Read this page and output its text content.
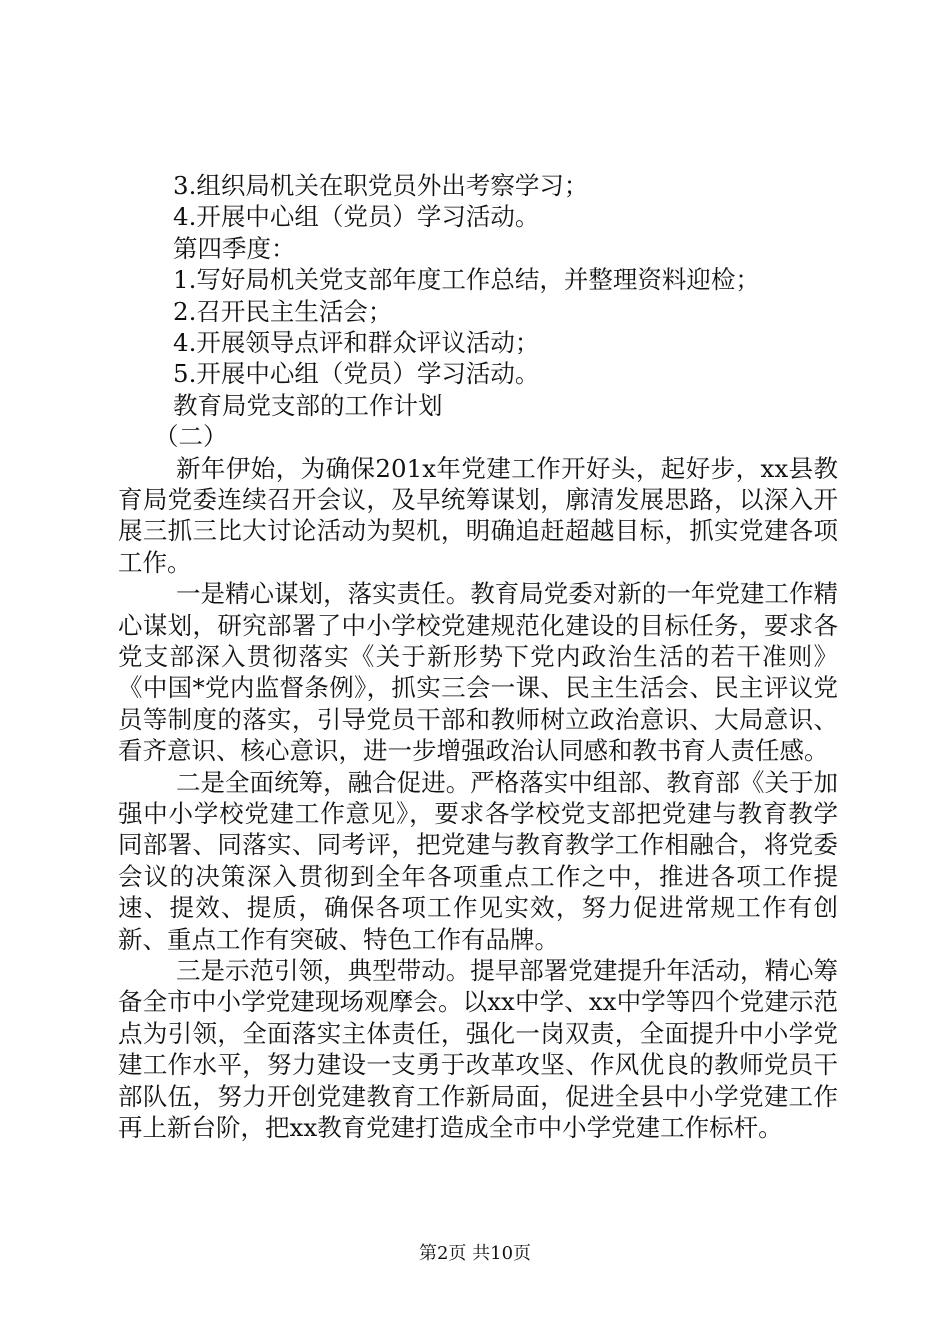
3.组织局机关在职党员外出考察学习；
4.开展中心组（党员）学习活动。
第四季度：
1.写好局机关党支部年度工作总结，并整理资料迎检；
2.召开民主生活会；
4.开展领导点评和群众评议活动；
5.开展中心组（党员）学习活动。
教育局党支部的工作计划
（二）
新年伊始，为确保201x年党建工作开好头，起好步，xx县教育局党委连续召开会议，及早统筹谋划，廓清发展思路，以深入开展三抓三比大讨论活动为契机，明确追赶超越目标，抓实党建各项工作。
一是精心谋划，落实责任。教育局党委对新的一年党建工作精心谋划，研究部署了中小学校党建规范化建设的目标任务，要求各党支部深入贯彻落实《关于新形势下党内政治生活的若干准则》《中国*党内监督条例》，抓实三会一课、民主生活会、民主评议党员等制度的落实，引导党员干部和教师树立政治意识、大局意识、看齐意识、核心意识，进一步增强政治认同感和教书育人责任感。
二是全面统筹，融合促进。严格落实中组部、教育部《关于加强中小学校党建工作意见》，要求各学校党支部把党建与教育教学同部署、同落实、同考评，把党建与教育教学工作相融合，将党委会议的决策深入贯彻到全年各项重点工作之中，推进各项工作提速、提效、提质，确保各项工作见实效，努力促进常规工作有创新、重点工作有突破、特色工作有品牌。
三是示范引领，典型带动。提早部署党建提升年活动，精心筹备全市中小学党建现场观摩会。以xx中学、xx中学等四个党建示范点为引领，全面落实主体责任，强化一岗双责，全面提升中小学党建工作水平，努力建设一支勇于改革攻坚、作风优良的教师党员干部队伍，努力开创党建教育工作新局面，促进全县中小学党建工作再上新台阶，把xx教育党建打造成全市中小学党建工作标杆。
第2页 共10页
